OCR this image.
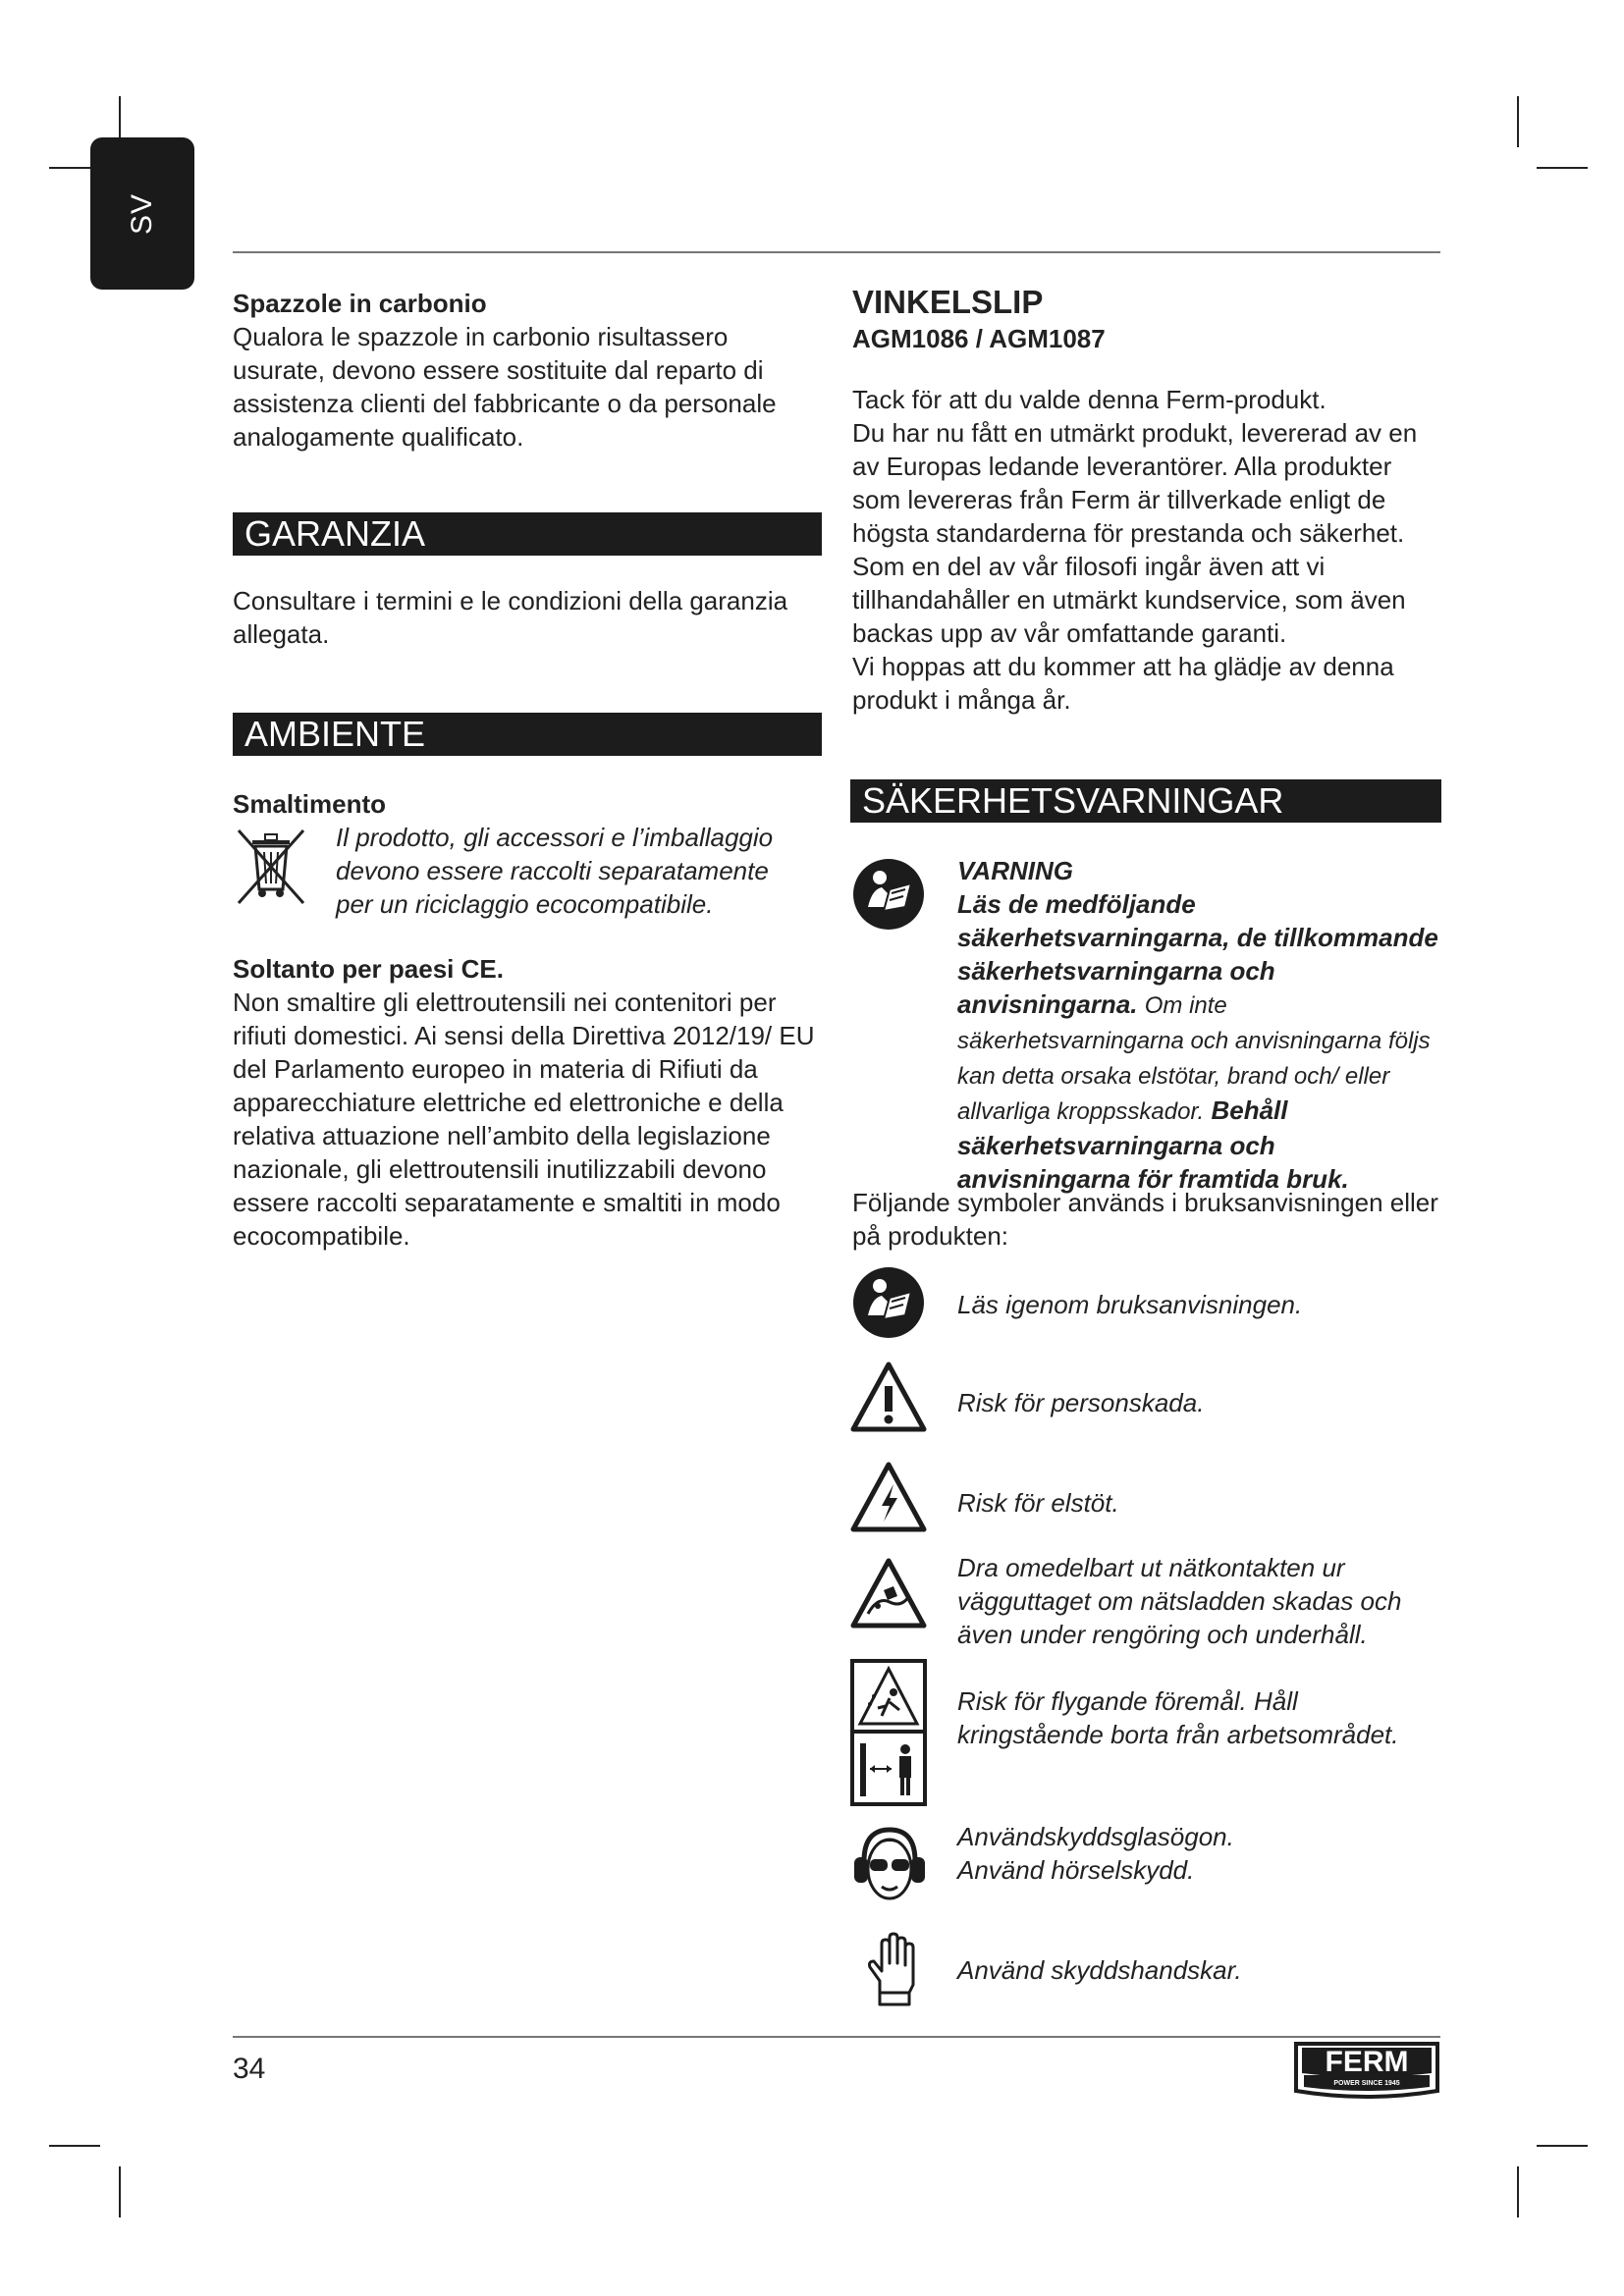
SV

Spazzole in carbonio

Qualora le spazzole in carbonio risultassero usurate, devono essere sostituite dal reparto di assistenza clienti del fabbricante o da personale analogamente qualificato.

GARANZIA

Consultare i termini e le condizioni della garanzia allegata.

AMBIENTE

Smaltimento

Il prodotto, gli accessori e l’imballaggio devono essere raccolti separatamente per un riciclaggio ecocompatibile.

Soltanto per paesi CE.

Non smaltire gli elettroutensili nei contenitori per rifiuti domestici. Ai sensi della Direttiva 2012/19/ EU del Parlamento europeo in materia di Rifiuti da apparecchiature elettriche ed elettroniche e della relativa attuazione nell’ambito della legislazione nazionale, gli elettroutensili inutilizzabili devono essere raccolti separatamente e smaltiti in modo ecocompatibile.

VINKELSLIP

AGM1086 / AGM1087

Tack för att du valde denna Ferm-produkt.

Du har nu fått en utmärkt produkt, levererad av en av Europas ledande leverantörer. Alla produkter som levereras från Ferm är tillverkade enligt de högsta standarderna för prestanda och säkerhet.

Som en del av vår filosofi ingår även att vi tillhandahåller en utmärkt kundservice, som även backas upp av vår omfattande garanti.

Vi hoppas att du kommer att ha glädje av denna produkt i många år.

SÄKERHETSVARNINGAR

VARNING

Läs de medföljande säkerhetsvarningarna, de tillkommande säkerhetsvarningarna och anvisningarna. Om inte säkerhetsvarningarna och anvisningarna följs kan detta orsaka elstötar, brand och/ eller allvarliga kroppsskador. Behåll säkerhetsvarningarna och anvisningarna för framtida bruk.

Följande symboler används i bruksanvisningen eller på produkten:

Läs igenom bruksanvisningen.

Risk för personskada.

Risk för elstöt.

Dra omedelbart ut nätkontakten ur vägguttaget om nätsladden skadas och även under rengöring och underhåll.

Risk för flygande föremål. Håll kringstående borta från arbetsområdet.

Användskyddsglasögon.

Använd hörselskydd.

Använd skyddshandskar.

34	FERM
POWER SINCE 1945
